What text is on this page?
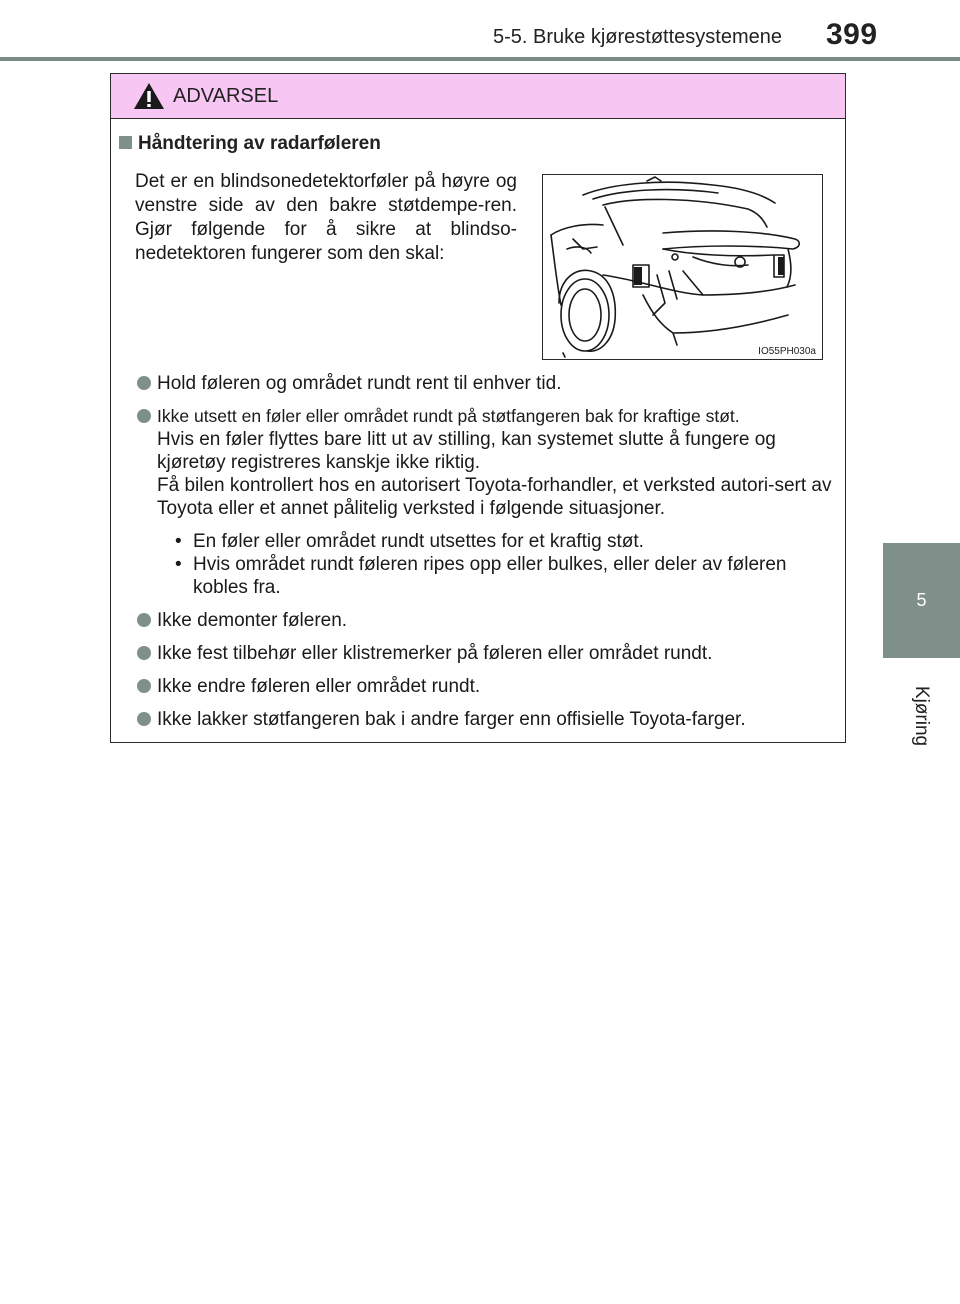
5-5. Bruke kjørestøttesystemene 399
5
Kjøring
ADVARSEL
Håndtering av radarføleren
Det er en blindsonedetektorføler på høyre og venstre side av den bakre støtdempe-ren. Gjør følgende for å sikre at blindso-nedetektoren fungerer som den skal:
IO55PH030a
Hold føleren og området rundt rent til enhver tid.
Ikke utsett en føler eller området rundt på støtfangeren bak for kraftige støt.
Hvis en føler flyttes bare litt ut av stilling, kan systemet slutte å fungere og kjøretøy registreres kanskje ikke riktig.
Få bilen kontrollert hos en autorisert Toyota-forhandler, et verksted autori-sert av Toyota eller et annet pålitelig verksted i følgende situasjoner.
• En føler eller området rundt utsettes for et kraftig støt.
• Hvis området rundt føleren ripes opp eller bulkes, eller deler av føleren kobles fra.
Ikke demonter føleren.
Ikke fest tilbehør eller klistremerker på føleren eller området rundt.
Ikke endre føleren eller området rundt.
Ikke lakker støtfangeren bak i andre farger enn offisielle Toyota-farger.
